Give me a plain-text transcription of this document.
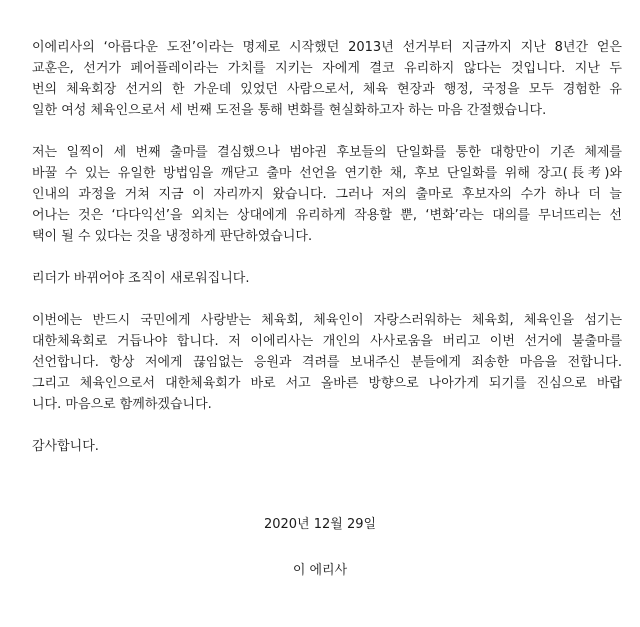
이에리사의 ‘아름다운 도전’이라는 명제로 시작했던 2013년 선거부터 지금까지 지난 8년간 얻은
교훈은, 선거가 페어플레이라는 가치를 지키는 자에게 결코 유리하지 않다는 것입니다. 지난 두
번의 체육회장 선거의 한 가운데 있었던 사람으로서, 체육 현장과 행정, 국정을 모두 경험한 유
일한 여성 체육인으로서 세 번째 도전을 통해 변화를 현실화하고자 하는 마음 간절했습니다.
저는 일찍이 세 번째 출마를 결심했으나 범야권 후보들의 단일화를 통한 대항만이 기존 체제를
바꿀 수 있는 유일한 방법임을 깨닫고 출마 선언을 연기한 채, 후보 단일화를 위해 장고(長考)와
인내의 과정을 거쳐 지금 이 자리까지 왔습니다. 그러나 저의 출마로 후보자의 수가 하나 더 늘
어나는 것은 ‘다다익선’을 외치는 상대에게 유리하게 작용할 뿐, ‘변화’라는 대의를 무너뜨리는 선
택이 될 수 있다는 것을 냉정하게 판단하였습니다.
리더가 바뀌어야 조직이 새로워집니다.
이번에는 반드시 국민에게 사랑받는 체육회, 체육인이 자랑스러워하는 체육회, 체육인을 섬기는
대한체육회로 거듭나야 합니다. 저 이에리사는 개인의 사사로움을 버리고 이번 선거에 불출마를
선언합니다. 항상 저에게 끊임없는 응원과 격려를 보내주신 분들에게 죄송한 마음을 전합니다.
그리고 체육인으로서 대한체육회가 바로 서고 올바른 방향으로 나아가게 되기를 진심으로 바랍
니다. 마음으로 함께하겠습니다.
감사합니다.
2020년 12월 29일
이 에리사
